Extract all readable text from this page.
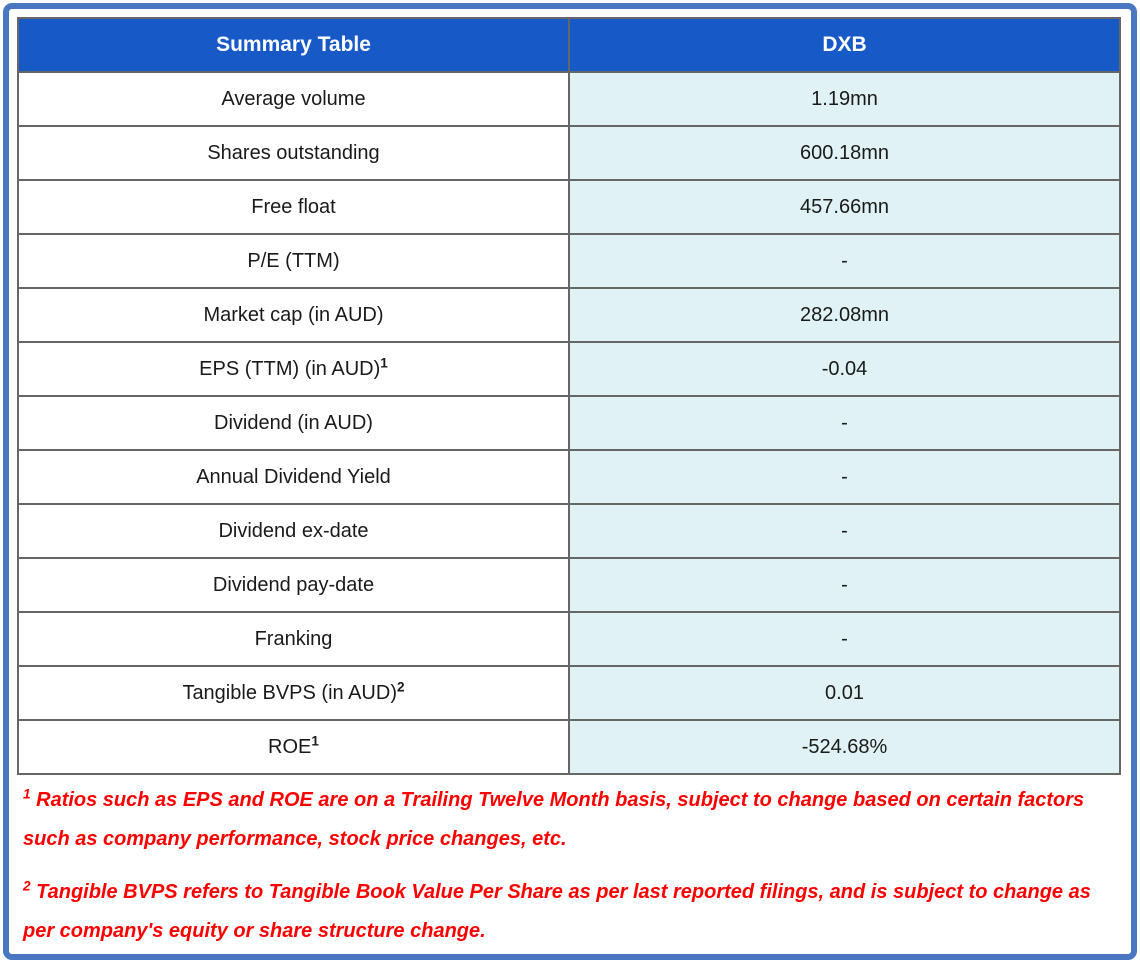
Summary Table	DXB
Average volume	1.19mn
Shares outstanding	600.18mn
Free float	457.66mn
P/E (TTM)	-
Market cap (in AUD)	282.08mn
EPS (TTM) (in AUD)$^1$	-0.04
Dividend (in AUD)	-
Annual Dividend Yield	-
Dividend ex-date	-
Dividend pay-date	-
Franking	-
Tangible BVPS (in AUD)$^2$	0.01
ROE$^1$	-524.68%
$^1$ Ratios such as EPS and ROE are on a Trailing Twelve Month basis, subject to change based on certain factors such as company performance, stock price changes, etc.
$^2$ Tangible BVPS refers to Tangible Book Value Per Share as per last reported filings, and is subject to change as per company's equity or share structure change.
